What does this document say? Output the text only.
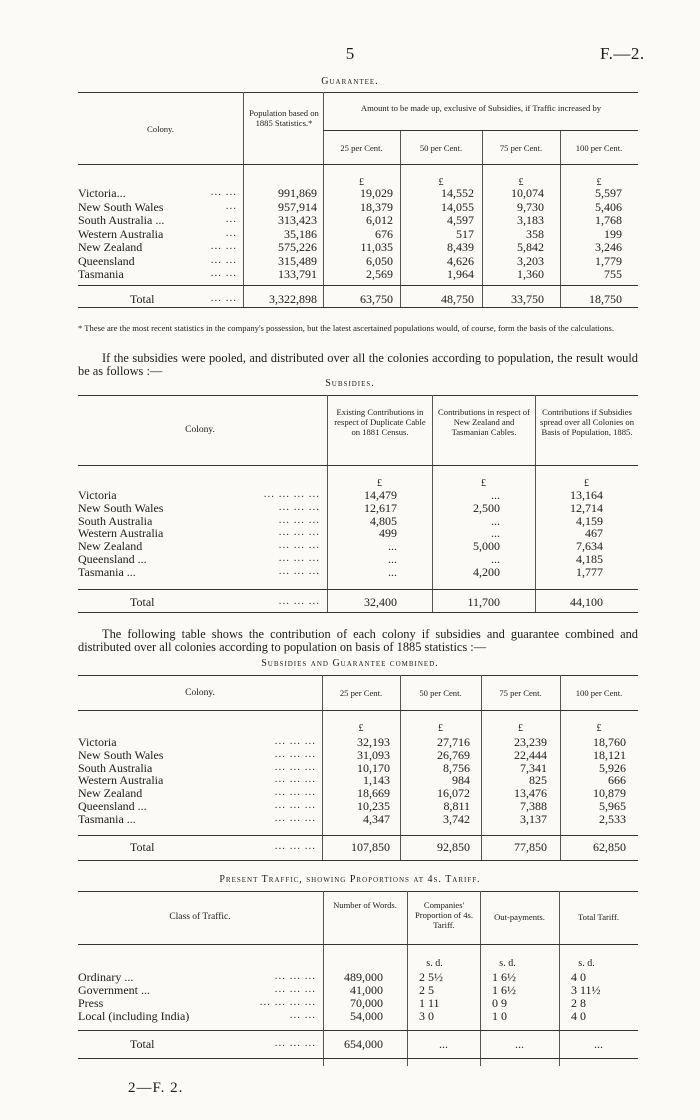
5	F.—2.
Guarantee.
Colony.
Population based on 1885 Statistics.*
Amount to be made up, exclusive of Subsidies, if Traffic increased by
25 per Cent.	50 per Cent.	75 per Cent.	100 per Cent.
£	£	£	£
Victoria...	... ...	991,869	19,029	14,552	10,074	5,597
New South Wales	...	957,914	18,379	14,055	9,730	5,406
South Australia ...	...	313,423	6,012	4,597	3,183	1,768
Western Australia	...	35,186	676	517	358	199
New Zealand	... ...	575,226	11,035	8,439	5,842	3,246
Queensland	... ...	315,489	6,050	4,626	3,203	1,779
Tasmania	... ...	133,791	2,569	1,964	1,360	755
Total	... ...	3,322,898	63,750	48,750	33,750	18,750
* These are the most recent statistics in the company's possession, but the latest ascertained populations would, of course, form the basis of the calculations.
If the subsidies were pooled, and distributed over all the colonies according to population, the result would be as follows :—
Subsidies.
Colony.
Existing Contributions in respect of Duplicate Cable on 1881 Census.
Contributions in respect of New Zealand and Tasmanian Cables.
Contributions if Subsidies spread over all Colonies on Basis of Population, 1885.
£	£	£
Victoria	... ... ... ...	14,479	...	13,164
New South Wales	... ... ...	12,617	2,500	12,714
South Australia	... ... ...	4,805	...	4,159
Western Australia	... ... ...	499	...	467
New Zealand	... ... ...	...	5,000	7,634
Queensland ...	... ... ...	...	...	4,185
Tasmania ...	... ... ...	...	4,200	1,777
Total	... ... ...	32,400	11,700	44,100
The following table shows the contribution of each colony if subsidies and guarantee combined and distributed over all colonies according to population on basis of 1885 statistics :—
Subsidies and Guarantee combined.
Colony.	25 per Cent.	50 per Cent.	75 per Cent.	100 per Cent.
£	£	£	£
Victoria	... ... ...	32,193	27,716	23,239	18,760
New South Wales	... ... ...	31,093	26,769	22,444	18,121
South Australia	... ... ...	10,170	8,756	7,341	5,926
Western Australia	... ... ...	1,143	984	825	666
New Zealand	... ... ...	18,669	16,072	13,476	10,879
Queensland ...	... ... ...	10,235	8,811	7,388	5,965
Tasmania ...	... ... ...	4,347	3,742	3,137	2,533
Total	... ... ...	107,850	92,850	77,850	62,850
Present Traffic, showing Proportions at 4s. Tariff.
Class of Traffic.
Number of Words.	Companies' Proportion of 4s. Tariff.
Out-payments.	Total Tariff.
s. d.	s. d.	s. d.
Ordinary ...	... ... ...	489,000	2 5½	1 6½	4 0
Government ...	... ... ...	41,000	2 5	1 6½	3 11½
Press	... ... ... ...	70,000	1 11	0 9	2 8
Local (including India)	... ...	54,000	3 0	1 0	4 0
Total	... ... ...	654,000	...	...	...
2—F. 2.
